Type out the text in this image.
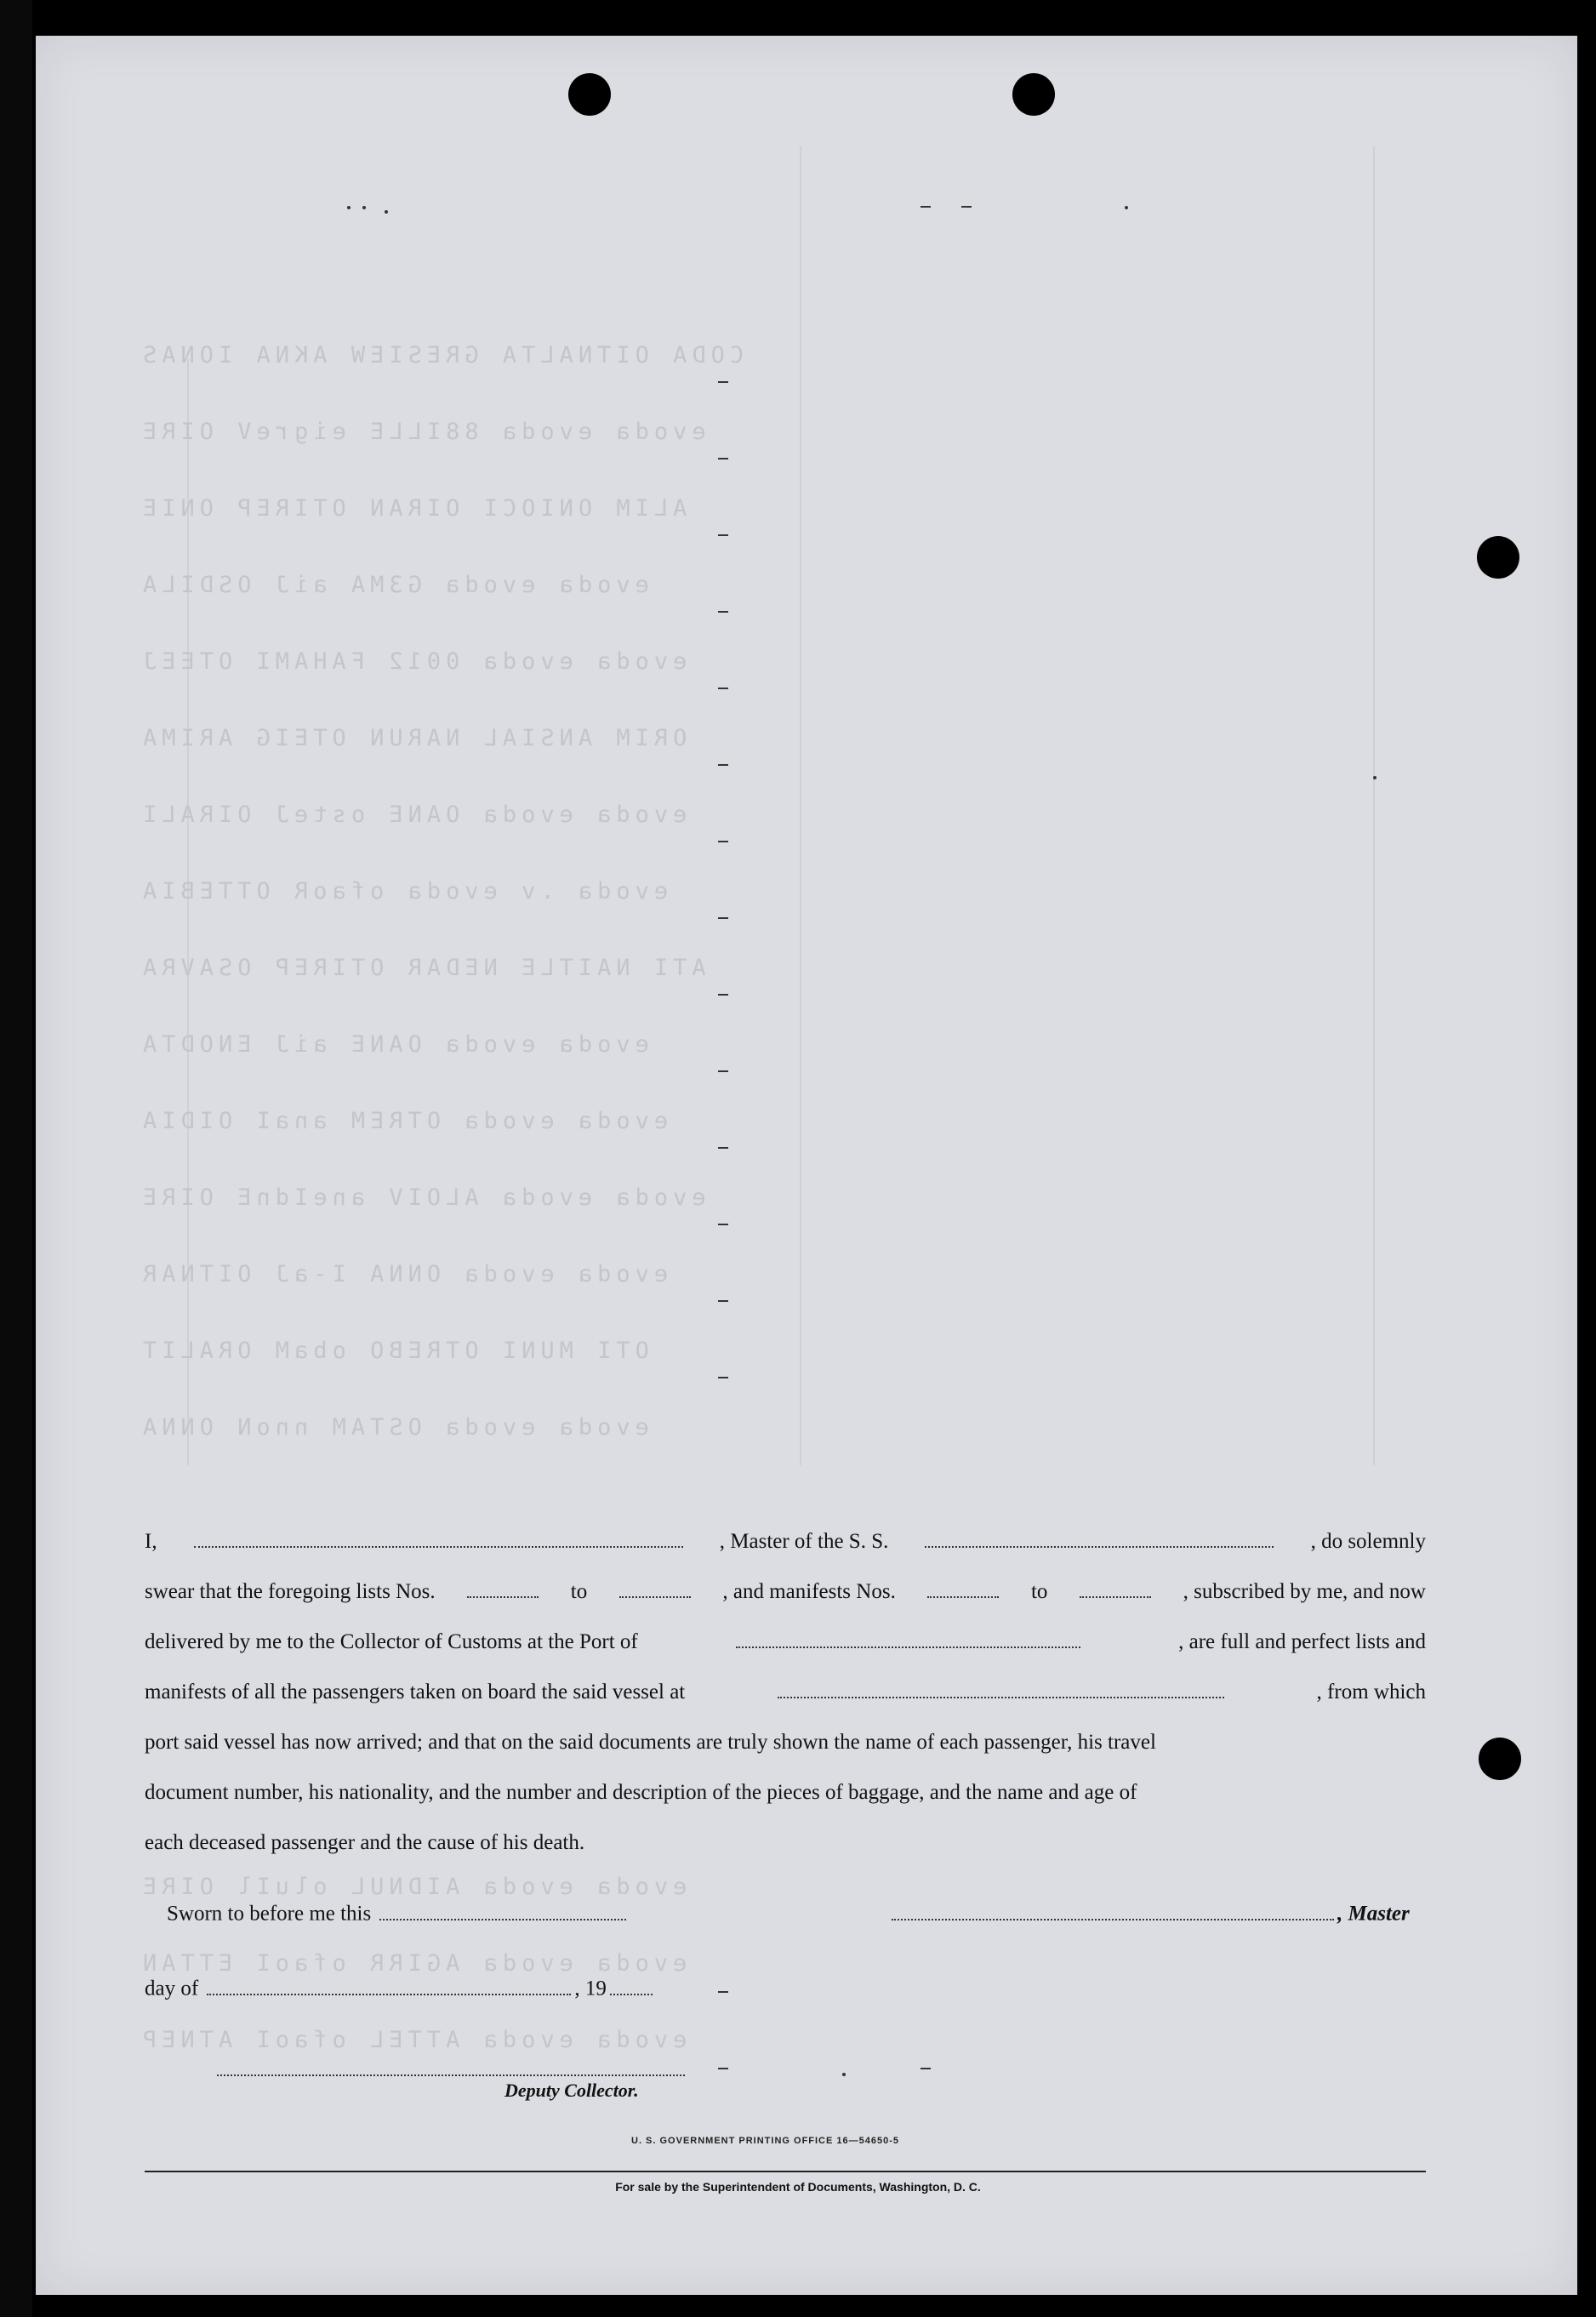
CODA OITNALTA GRESIEW AKNA IONAS
evoda evoda 88ILLE eigreV OIRE
ALIM ONIOCI OIRAN OTIREP ONIE
evoda evoda G3MA aiJ OSDILA
evoda evoda 0012 FAHAMI OTEEJ
ORIM ANSIAL NARUN OTEIG ARIMA
evoda evoda OANE osteJ OIRALI
evoda .v evoda ofaoR OTTEBIA
ATI NAITLE NEDAR OTIREP OSAVRA
evoda evoda OANE aiJ ENODTA
evoda evoda OTREM anaI OIDIA
evoda evoda ALOIV aneIdnE OIRE
evoda evoda ONNA I-aJ OITNAR
OTI MUNI OTREBO obaM ORALIT
evoda evoda OSTAM nnoN ONNA
evoda evoda AIDNUL oluIl OIRE
evoda evoda AGIRR ofaoI ETTAN
evoda evoda ATTEL ofaoI ATNEP
I,	, Master of the S. S.	, do solemnly
swear that the foregoing lists Nos.	to	, and manifests Nos.	to	, subscribed by me, and now
delivered by me to the Collector of Customs at the Port of	, are full and perfect lists and
manifests of all the passengers taken on board the said vessel at	, from which
port said vessel has now arrived; and that on the said documents are truly shown the name of each passenger, his travel
document number, his nationality, and the number and description of the pieces of baggage, and the name and age of
each deceased passenger and the cause of his death.
Sworn to before me this	, Master
day of	, 19
Deputy Collector.
U. S. GOVERNMENT PRINTING OFFICE 16—54650-5
For sale by the Superintendent of Documents, Washington, D. C.
